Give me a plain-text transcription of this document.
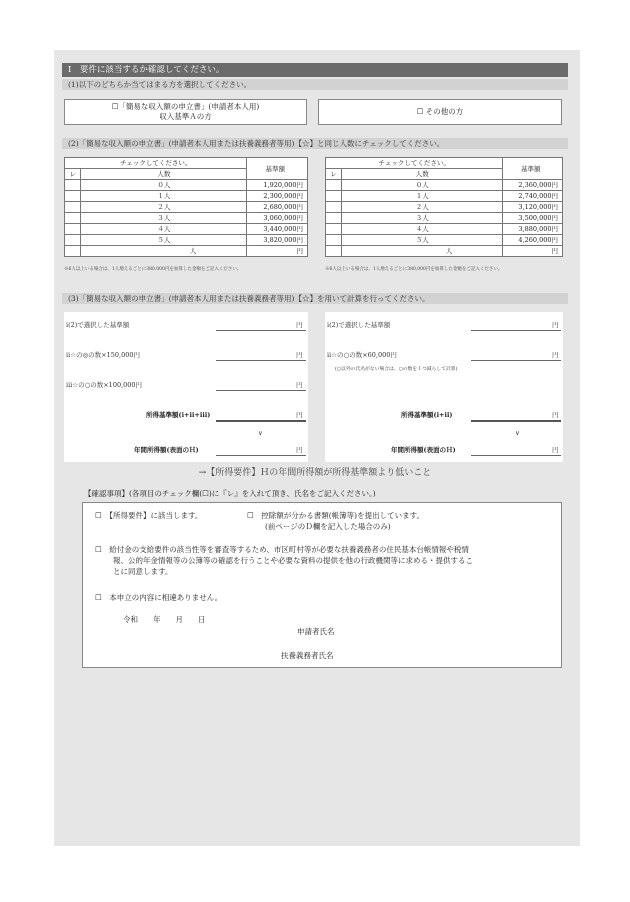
Ⅰ　要件に該当するか確認してください。
(1)以下のどちらか当てはまる方を選択してください。
☐「簡易な収入額の申立書」(申請者本人用)
収入基準Ａの方
☐ その他の方
(2)「簡易な収入額の申立書」(申請者本人用または扶養義務者等用)【☆】と同じ人数にチェックしてください。
チェックしてください。		基準額
レ	人数	
	０人	1,920,000円
	１人	2,300,000円
	２人	2,680,000円
	３人	3,060,000円
	４人	3,440,000円
	５人	3,820,000円
	人	円
※6人以上いる場合は、1人増えるごとに380,000円を加算した金額をご記入ください。
チェックしてください。		基準額
レ	人数	
	０人	2,360,000円
	１人	2,740,000円
	２人	3,120,000円
	３人	3,500,000円
	４人	3,880,000円
	５人	4,260,000円
	人	円
※6人以上いる場合は、1人増えるごとに380,000円を加算した金額をご記入ください。
(3)「簡易な収入額の申立書」(申請者本人用または扶養義務者等用)【☆】を用いて計算を行ってください。
ⅰ(2)で選択した基準額	円
ⅱ☆の◎の数×150,000円	円
ⅲ☆の○の数×100,000円	円
所得基準額(ⅰ+ⅱ+ⅲ)	円
∨
年間所得額(表面のＨ)	円
ⅰ(2)で選択した基準額	円
ⅱ☆の○の数×60,000円	円
(○以外の氏名がない場合は、○の数を１つ減らして計算)
所得基準額(ⅰ+ⅱ)	円
∨
年間所得額(表面のＨ)	円
→【所得要件】Ｈの年間所得額が所得基準額より低いこと
【確認事項】(各項目のチェック欄(☐)に『レ』を入れて頂き、氏名をご記入ください。)
☐　【所得要件】に該当します。	☐　控除額が分かる書類(帳簿等)を提出しています。
(前ページのＤ欄を記入した場合のみ)
☐　給付金の支給要件の該当性等を審査等するため、市区町村等が必要な扶養義務者の住民基本台帳情報や税情
報、公的年金情報等の公簿等の確認を行うことや必要な資料の提供を他の行政機関等に求める・提供するこ
とに同意します。
☐　本申立の内容に相違ありません。
令和　　年　　月　　日
申請者氏名
扶養義務者氏名
